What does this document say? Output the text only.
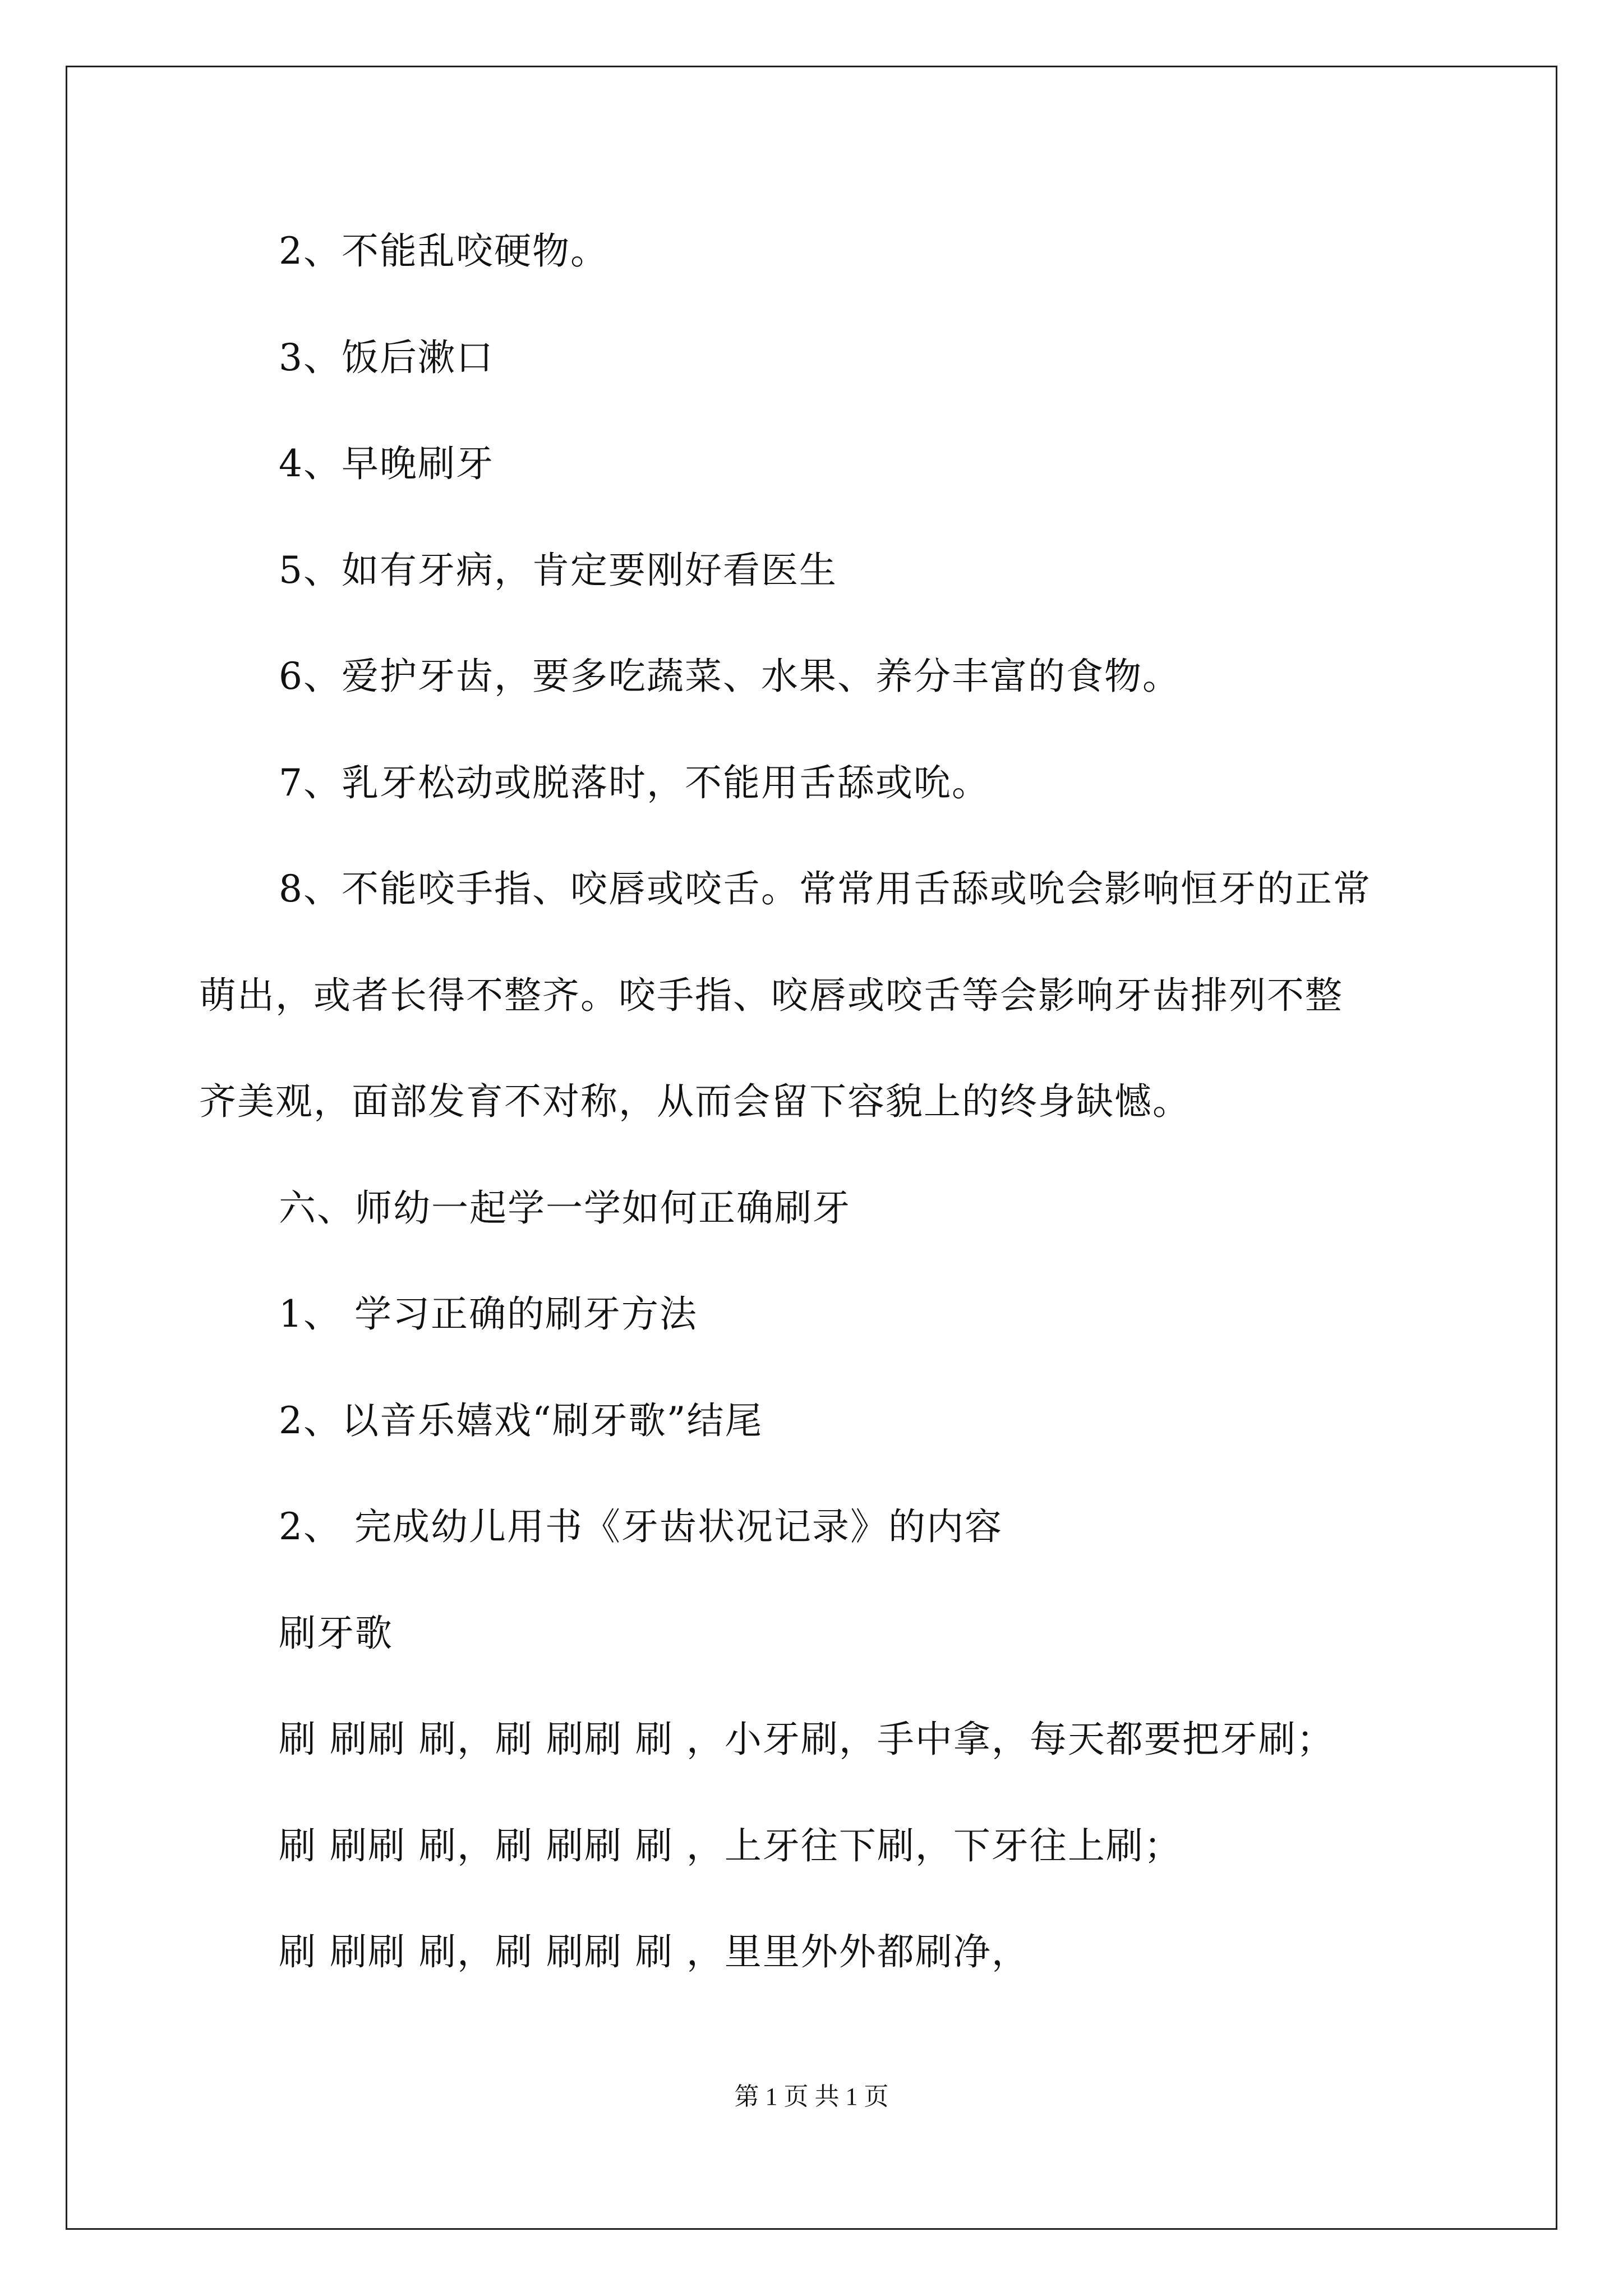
2、不能乱咬硬物。
3、饭后漱口
4、早晚刷牙
5、如有牙病，肯定要刚好看医生
6、爱护牙齿，要多吃蔬菜、水果、养分丰富的食物。
7、乳牙松动或脱落时，不能用舌舔或吮。
8、不能咬手指、咬唇或咬舌。常常用舌舔或吮会影响恒牙的正常
萌出，或者长得不整齐。咬手指、咬唇或咬舌等会影响牙齿排列不整
齐美观，面部发育不对称，从而会留下容貌上的终身缺憾。
六、师幼一起学一学如何正确刷牙
1、 学习正确的刷牙方法
2、以音乐嬉戏“刷牙歌”结尾
2、 完成幼儿用书《牙齿状况记录》的内容
刷牙歌
刷 刷刷 刷，刷 刷刷 刷 ，小牙刷，手中拿，每天都要把牙刷；
刷 刷刷 刷，刷 刷刷 刷 ，上牙往下刷，下牙往上刷；
刷 刷刷 刷，刷 刷刷 刷 ，里里外外都刷净，
第 1 页 共 1 页
